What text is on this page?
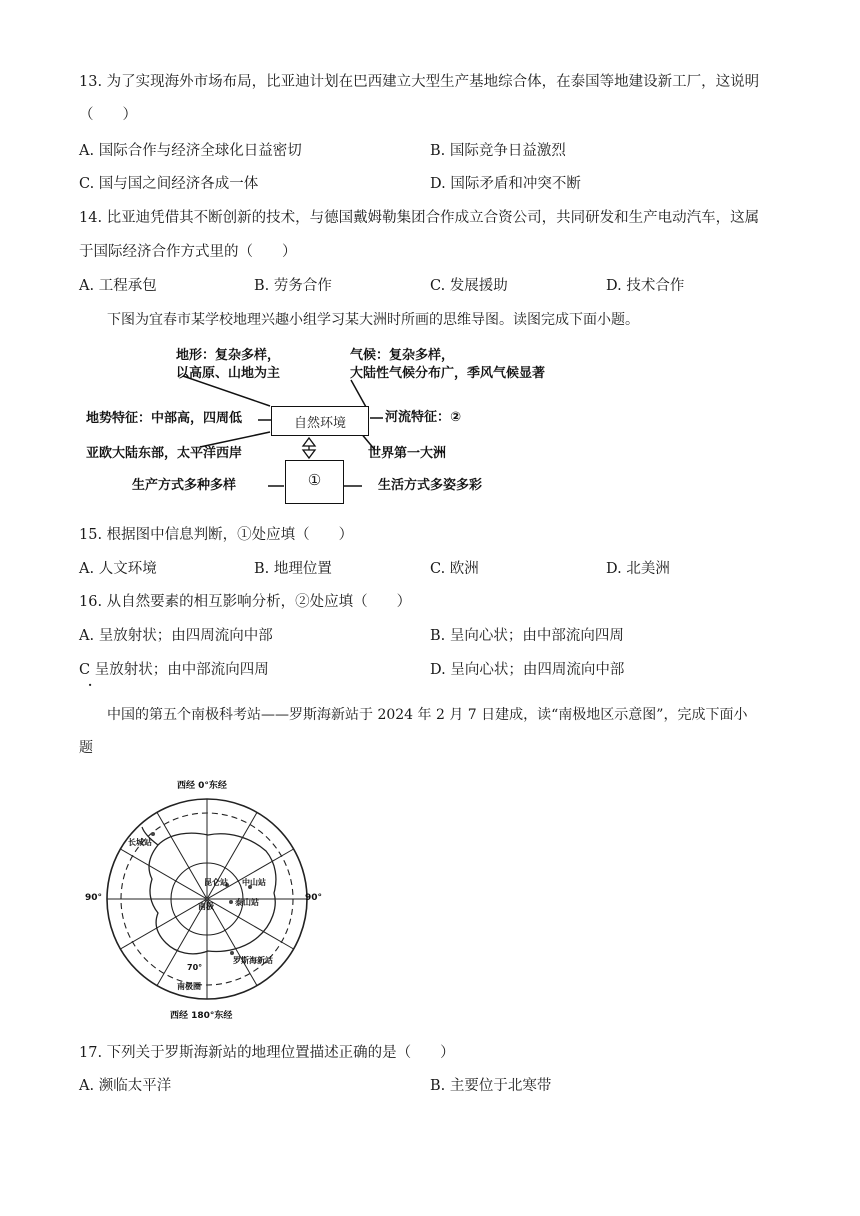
13. 为了实现海外市场布局，比亚迪计划在巴西建立大型生产基地综合体，在泰国等地建设新工厂，这说明
（　　）
A. 国际合作与经济全球化日益密切	B. 国际竞争日益激烈
C. 国与国之间经济各成一体	D. 国际矛盾和冲突不断
14. 比亚迪凭借其不断创新的技术，与德国戴姆勒集团合作成立合资公司，共同研发和生产电动汽车，这属
于国际经济合作方式里的（　　）
A. 工程承包	B. 劳务合作	C. 发展援助	D. 技术合作
下图为宜春市某学校地理兴趣小组学习某大洲时所画的思维导图。读图完成下面小题。
地形：复杂多样，
以高原、山地为主
气候：复杂多样，
大陆性气候分布广，季风气候显著
地势特征：中部高，四周低	自然环境	河流特征：②
亚欧大陆东部，太平洋西岸	世界第一大洲
①
生产方式多种多样	生活方式多姿多彩
15. 根据图中信息判断，①处应填（　　）
A. 人文环境	B. 地理位置	C. 欧洲	D. 北美洲
16. 从自然要素的相互影响分析，②处应填（　　）
A. 呈放射状；由四周流向中部	B. 呈向心状；由中部流向四周
C 呈放射状；由中部流向四周	D. 呈向心状；由四周流向中部
.
中国的第五个南极科考站——罗斯海新站于 2024 年 2 月 7 日建成，读“南极地区示意图”，完成下面小
题
西经 0°东经
西经 180°东经
90°	90°
长城站
昆仑站 中山站
泰山站
南极
罗斯海新站
70°
南极圈
17. 下列关于罗斯海新站的地理位置描述正确的是（　　）
A. 濒临太平洋	B. 主要位于北寒带
